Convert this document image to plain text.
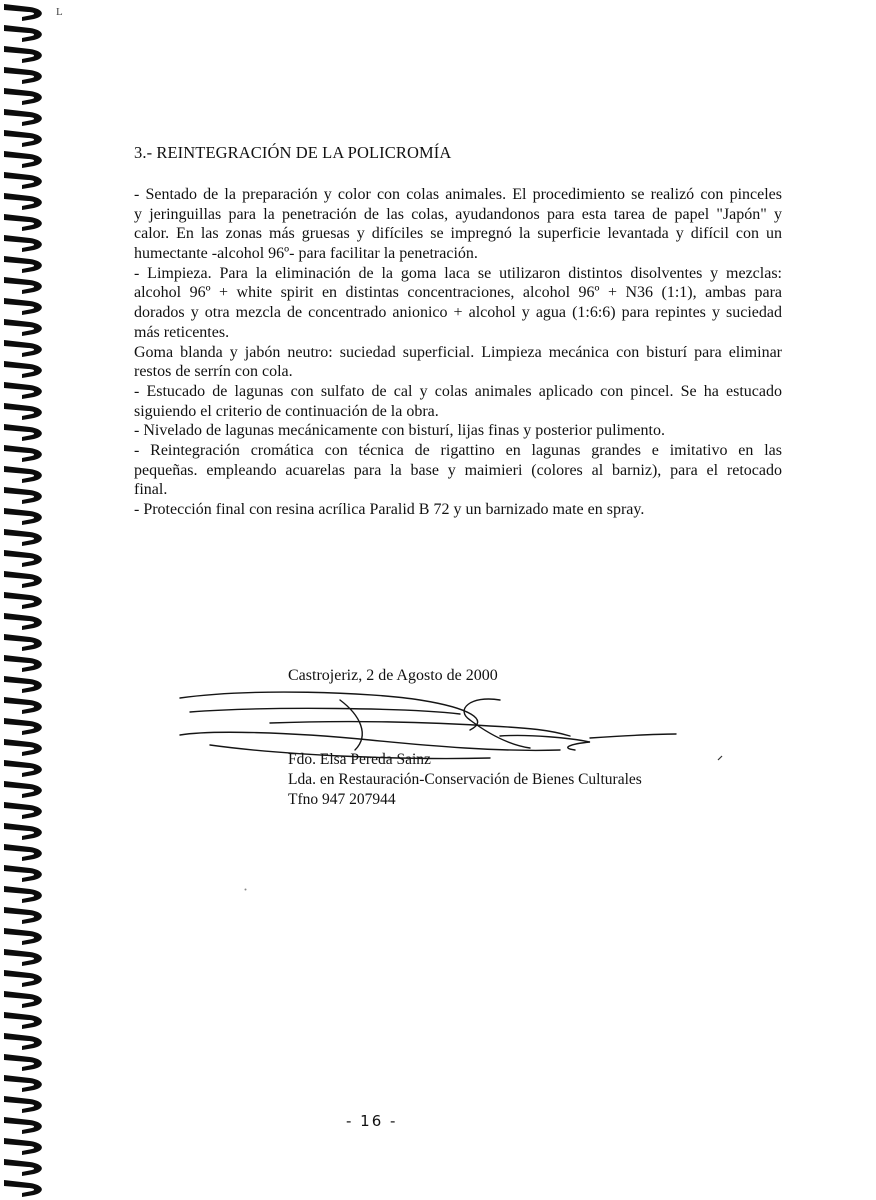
L
3.- REINTEGRACIÓN DE LA POLICROMÍA
- Sentado de la preparación y color con colas animales. El procedimiento se realizó con pinceles
y jeringuillas para la penetración de las colas, ayudandonos para esta tarea de papel "Japón" y
calor. En las zonas más gruesas y difíciles se impregnó la superficie levantada y difícil con un
humectante -alcohol 96º- para facilitar la penetración.
- Limpieza. Para la eliminación de la goma laca se utilizaron distintos disolventes y mezclas:
alcohol 96º + white spirit en distintas concentraciones, alcohol 96º + N36 (1:1), ambas para
dorados y otra mezcla de concentrado anionico + alcohol y agua (1:6:6) para repintes y suciedad
más reticentes.
Goma blanda y jabón neutro: suciedad superficial. Limpieza mecánica con bisturí para eliminar
restos de serrín con cola.
- Estucado de lagunas con sulfato de cal y colas animales aplicado con pincel. Se ha estucado
siguiendo el criterio de continuación de la obra.
- Nivelado de lagunas mecánicamente con bisturí, lijas finas y posterior pulimento.
- Reintegración cromática con técnica de rigattino en lagunas grandes e imitativo en las
pequeñas. empleando acuarelas para la base y maimieri (colores al barniz), para el retocado
final.
- Protección final con resina acrílica Paralid B 72 y un barnizado mate en spray.
Castrojeriz, 2 de Agosto de 2000
Fdo. Elsa Pereda Sainz
Lda. en Restauración-Conservación de Bienes Culturales
Tfno 947 207944
- 16 -
